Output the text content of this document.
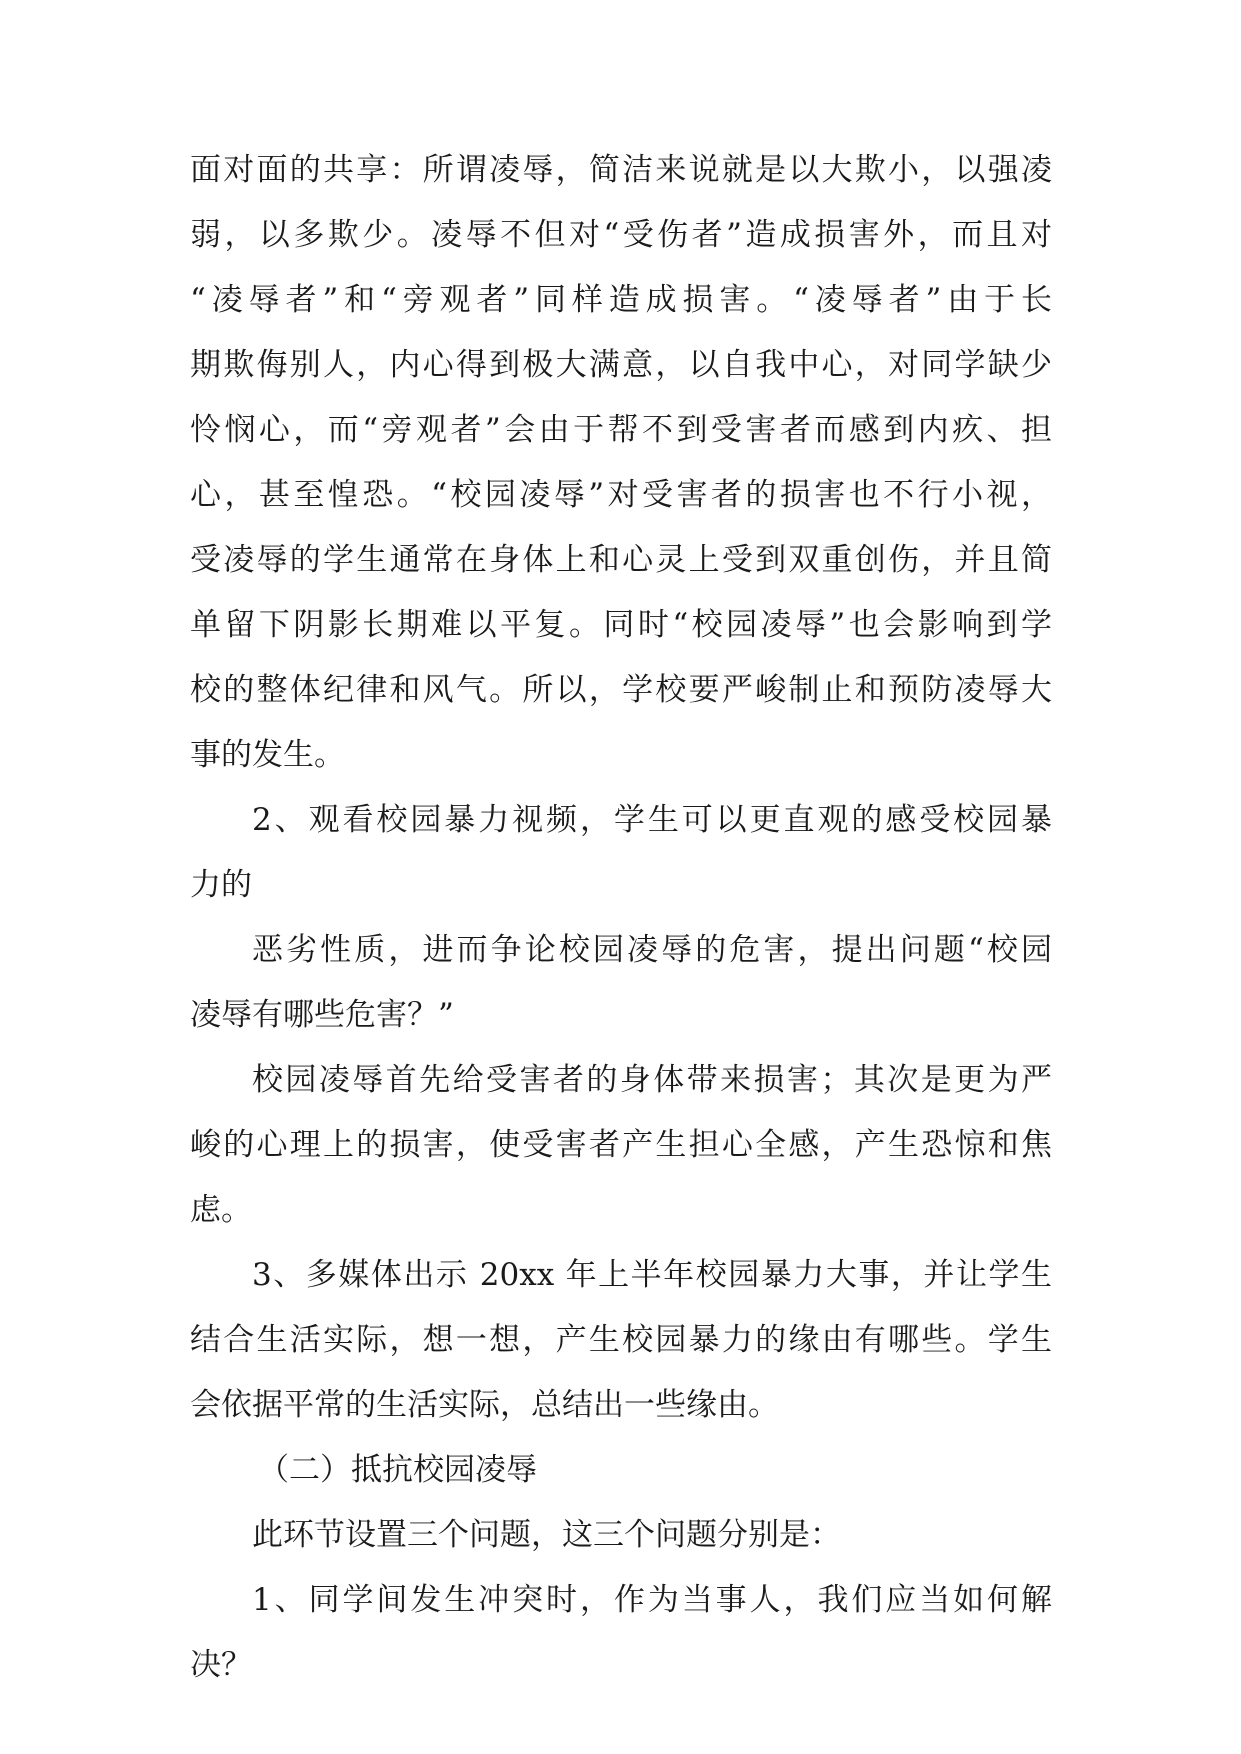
面对面的共享：所谓凌辱，简洁来说就是以大欺小，以强凌
弱，以多欺少。凌辱不但对“受伤者”造成损害外，而且对
“凌辱者”和“旁观者”同样造成损害。“凌辱者”由于长
期欺侮别人，内心得到极大满意，以自我中心，对同学缺少
怜悯心，而“旁观者”会由于帮不到受害者而感到内疚、担
心，甚至惶恐。“校园凌辱”对受害者的损害也不行小视，
受凌辱的学生通常在身体上和心灵上受到双重创伤，并且简
单留下阴影长期难以平复。同时“校园凌辱”也会影响到学
校的整体纪律和风气。所以，学校要严峻制止和预防凌辱大
事的发生。
2、观看校园暴力视频，学生可以更直观的感受校园暴
力的
恶劣性质，进而争论校园凌辱的危害，提出问题“校园
凌辱有哪些危害？”
校园凌辱首先给受害者的身体带来损害；其次是更为严
峻的心理上的损害，使受害者产生担心全感，产生恐惊和焦
虑。
3、多媒体出示 20xx 年上半年校园暴力大事，并让学生
结合生活实际，想一想，产生校园暴力的缘由有哪些。学生
会依据平常的生活实际，总结出一些缘由。
（二）抵抗校园凌辱
此环节设置三个问题，这三个问题分别是：
1、同学间发生冲突时，作为当事人，我们应当如何解
决？
